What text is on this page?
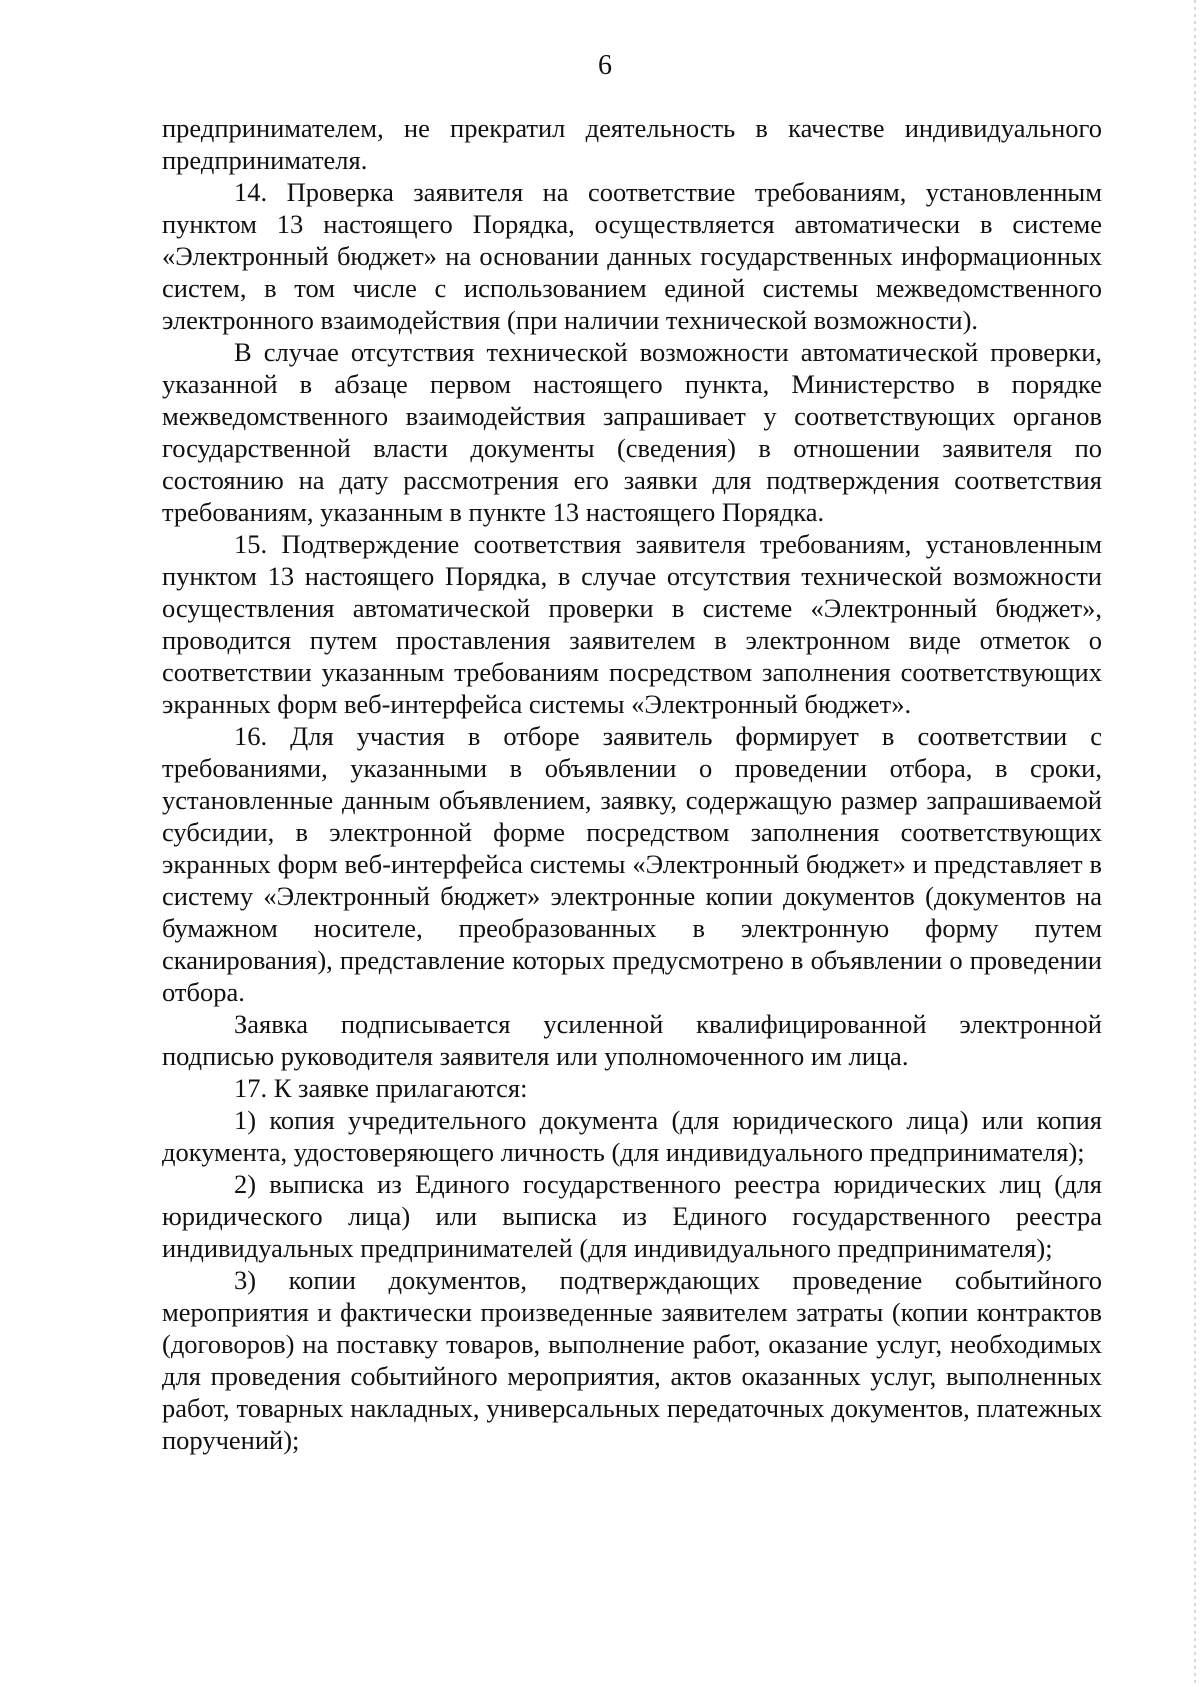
6

предпринимателем, не прекратил деятельность в качестве индивидуального предпринимателя.

14. Проверка заявителя на соответствие требованиям, установленным пунктом 13 настоящего Порядка, осуществляется автоматически в системе «Электронный бюджет» на основании данных государственных информационных систем, в том числе с использованием единой системы межведомственного электронного взаимодействия (при наличии технической возможности).

В случае отсутствия технической возможности автоматической проверки, указанной в абзаце первом настоящего пункта, Министерство в порядке межведомственного взаимодействия запрашивает у соответствующих органов государственной власти документы (сведения) в отношении заявителя по состоянию на дату рассмотрения его заявки для подтверждения соответствия требованиям, указанным в пункте 13 настоящего Порядка.

15. Подтверждение соответствия заявителя требованиям, установленным пунктом 13 настоящего Порядка, в случае отсутствия технической возможности осуществления автоматической проверки в системе «Электронный бюджет», проводится путем проставления заявителем в электронном виде отметок о соответствии указанным требованиям посредством заполнения соответствующих экранных форм веб-интерфейса системы «Электронный бюджет».

16. Для участия в отборе заявитель формирует в соответствии с требованиями, указанными в объявлении о проведении отбора, в сроки, установленные данным объявлением, заявку, содержащую размер запрашиваемой субсидии, в электронной форме посредством заполнения соответствующих экранных форм веб-интерфейса системы «Электронный бюджет» и представляет в систему «Электронный бюджет» электронные копии документов (документов на бумажном носителе, преобразованных в электронную форму путем сканирования), представление которых предусмотрено в объявлении о проведении отбора.

Заявка подписывается усиленной квалифицированной электронной подписью руководителя заявителя или уполномоченного им лица.

17. К заявке прилагаются:

1) копия учредительного документа (для юридического лица) или копия документа, удостоверяющего личность (для индивидуального предпринимателя);

2) выписка из Единого государственного реестра юридических лиц (для юридического лица) или выписка из Единого государственного реестра индивидуальных предпринимателей (для индивидуального предпринимателя);

3) копии документов, подтверждающих проведение событийного мероприятия и фактически произведенные заявителем затраты (копии контрактов (договоров) на поставку товаров, выполнение работ, оказание услуг, необходимых для проведения событийного мероприятия, актов оказанных услуг, выполненных работ, товарных накладных, универсальных передаточных документов, платежных поручений);
